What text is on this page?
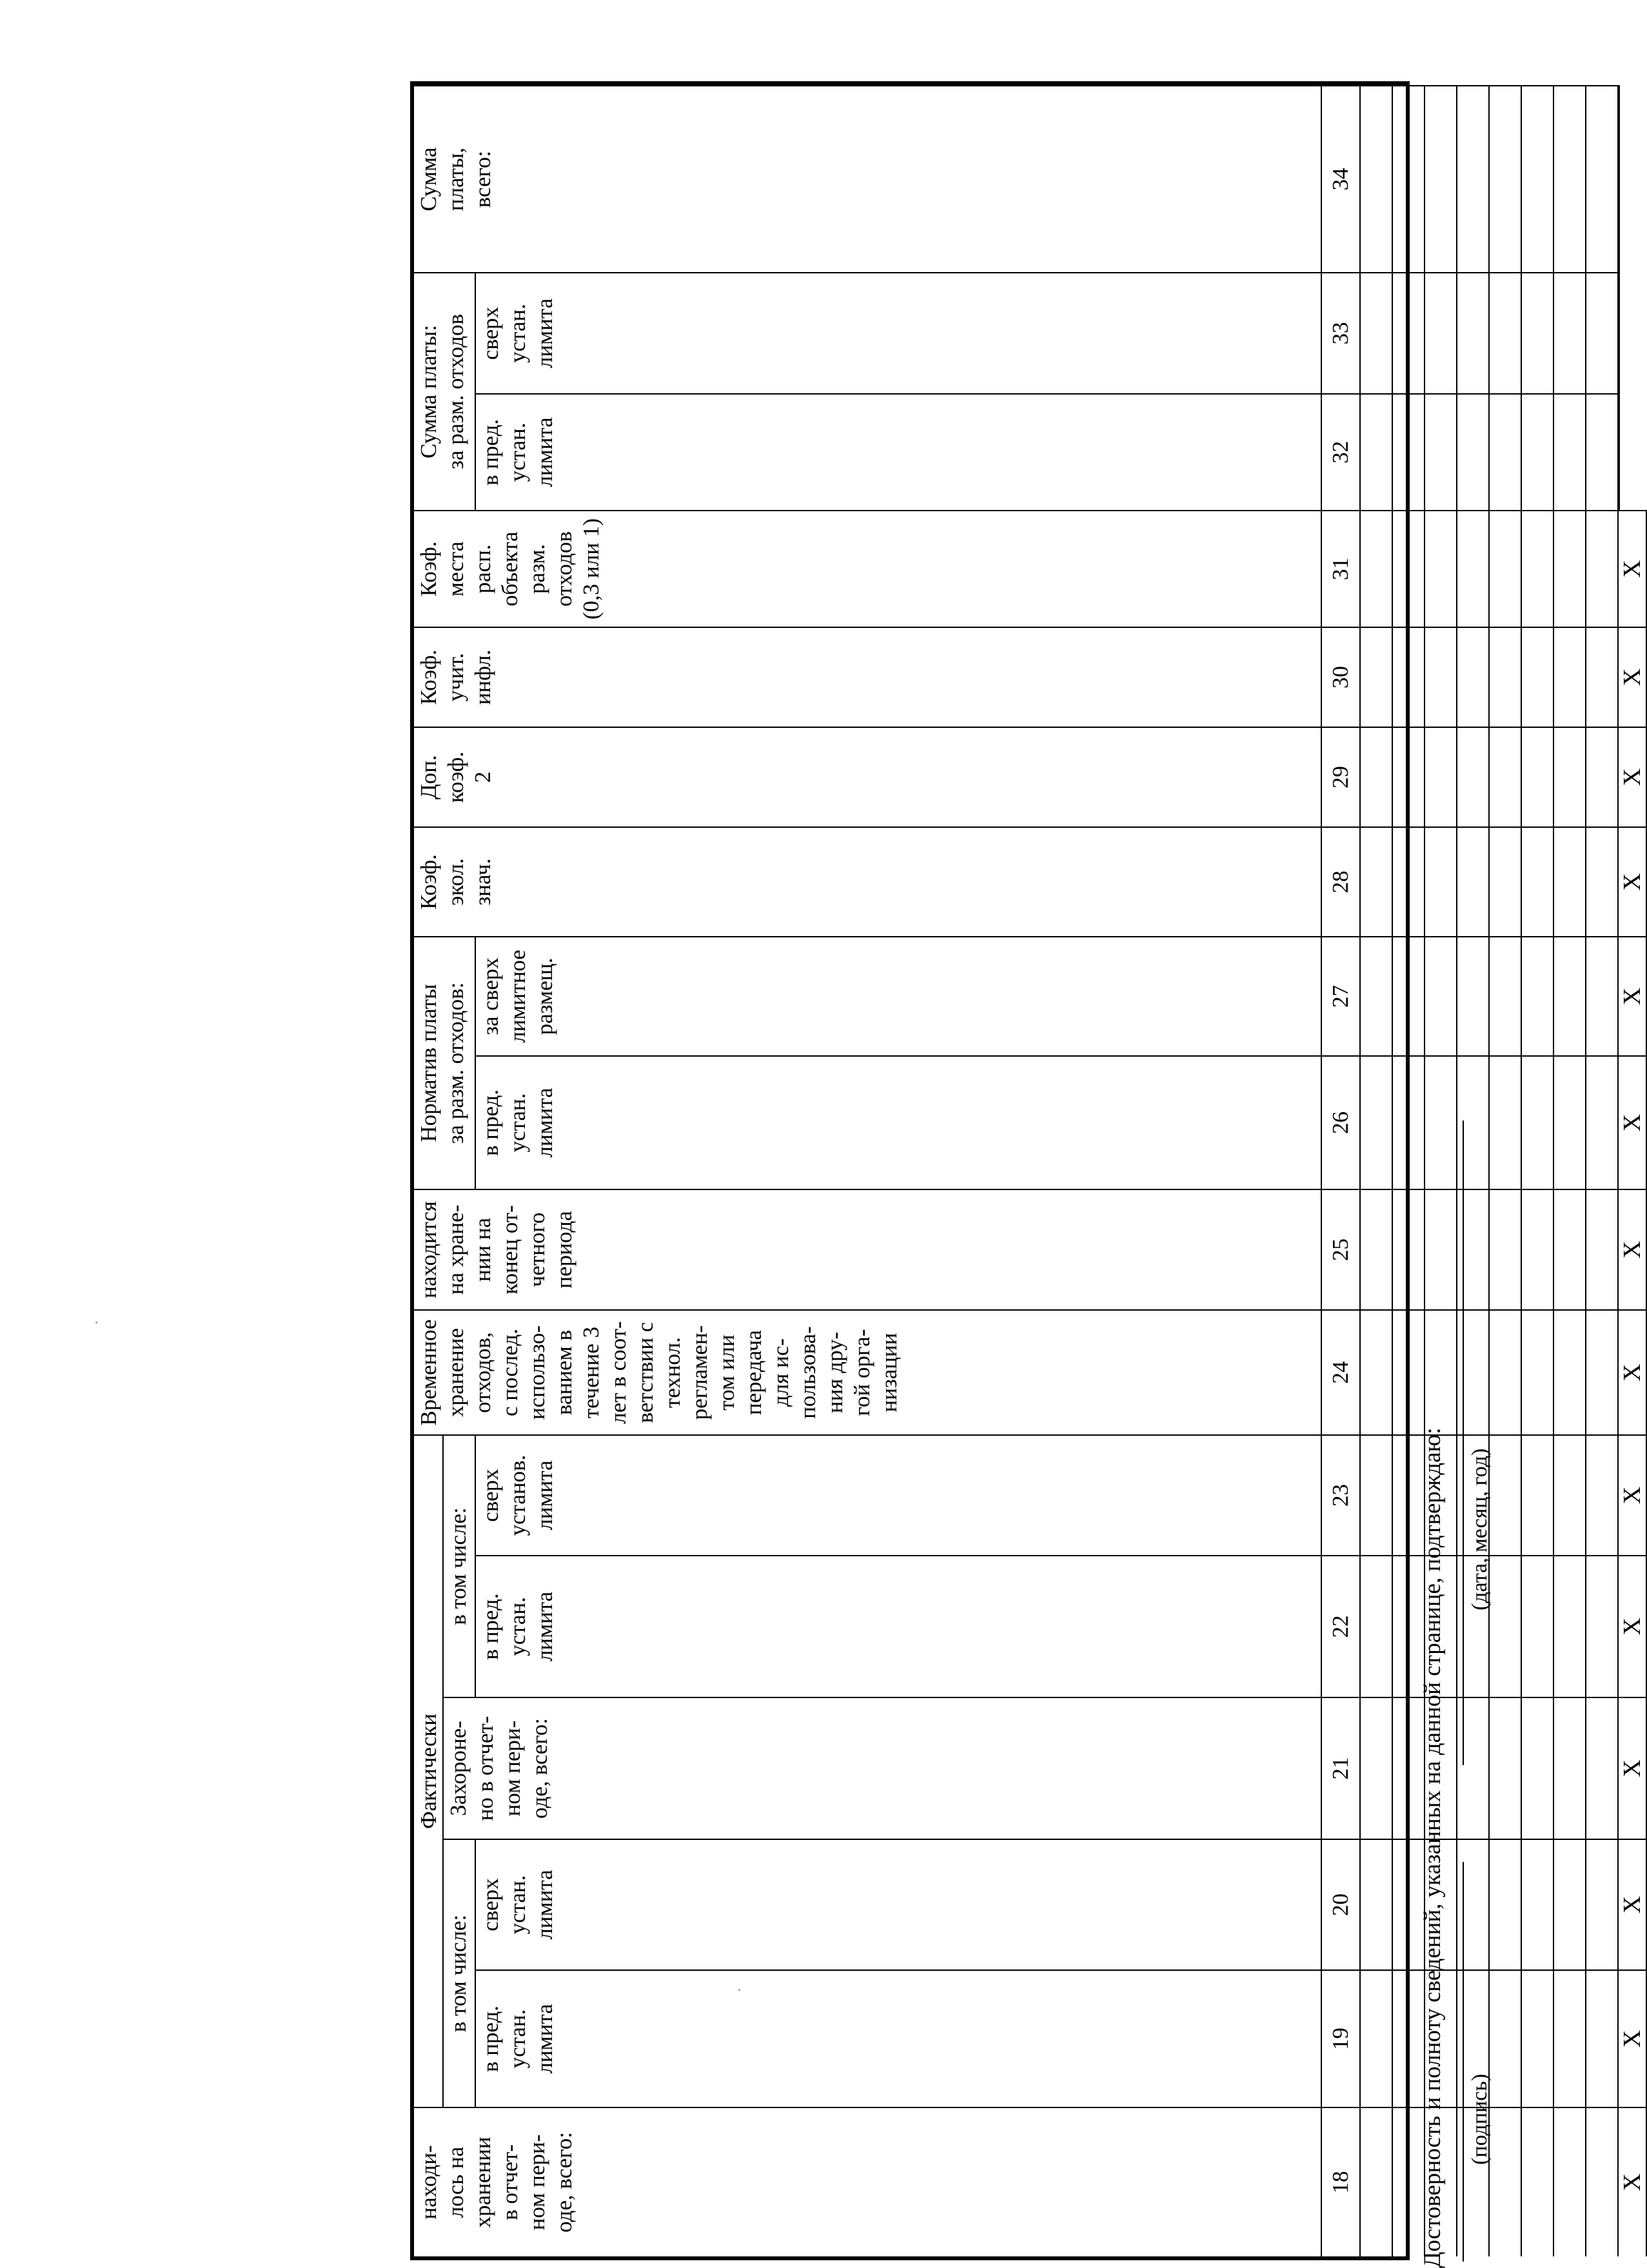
Фактически
находи- лось на хранении в отчет- ном пери- оде, всего:
в том числе:
в пред. устан. лимита
сверх устан. лимита
Захороне- но в отчет- ном пери- оде, всего:
в том числе:
в пред. устан. лимита
сверх установ. лимита
Временное хранение отходов, с послед. использо- ванием в течение 3 лет в соот- ветствии с технол. регламен- том или передача для ис- пользова- ния дру- гой орга- низации
находится на хране- нии на конец от- четного периода
Норматив платы за разм. отходов: в пред. устан. лимита
за сверх лимитное размещ.
Коэф. экол. знач.
Доп. коэф. 2
Коэф. учит. инфл.
Коэф. места расп. объекта разм. отходов (0,3 или 1)
Сумма платы: за разм. отходов в пред. устан. лимита
сверх устан. лимита
Сумма платы, всего:
18
19
20
21
22
23
24
25
26
27
28
29
30
31
32
33
34
X
X
X
X
X
X
X
X
X
X
X
X
X
X
Достоверность и полноту сведений, указанных на данной странице, подтверждаю: (подпись)
(дата, месяц, год)
